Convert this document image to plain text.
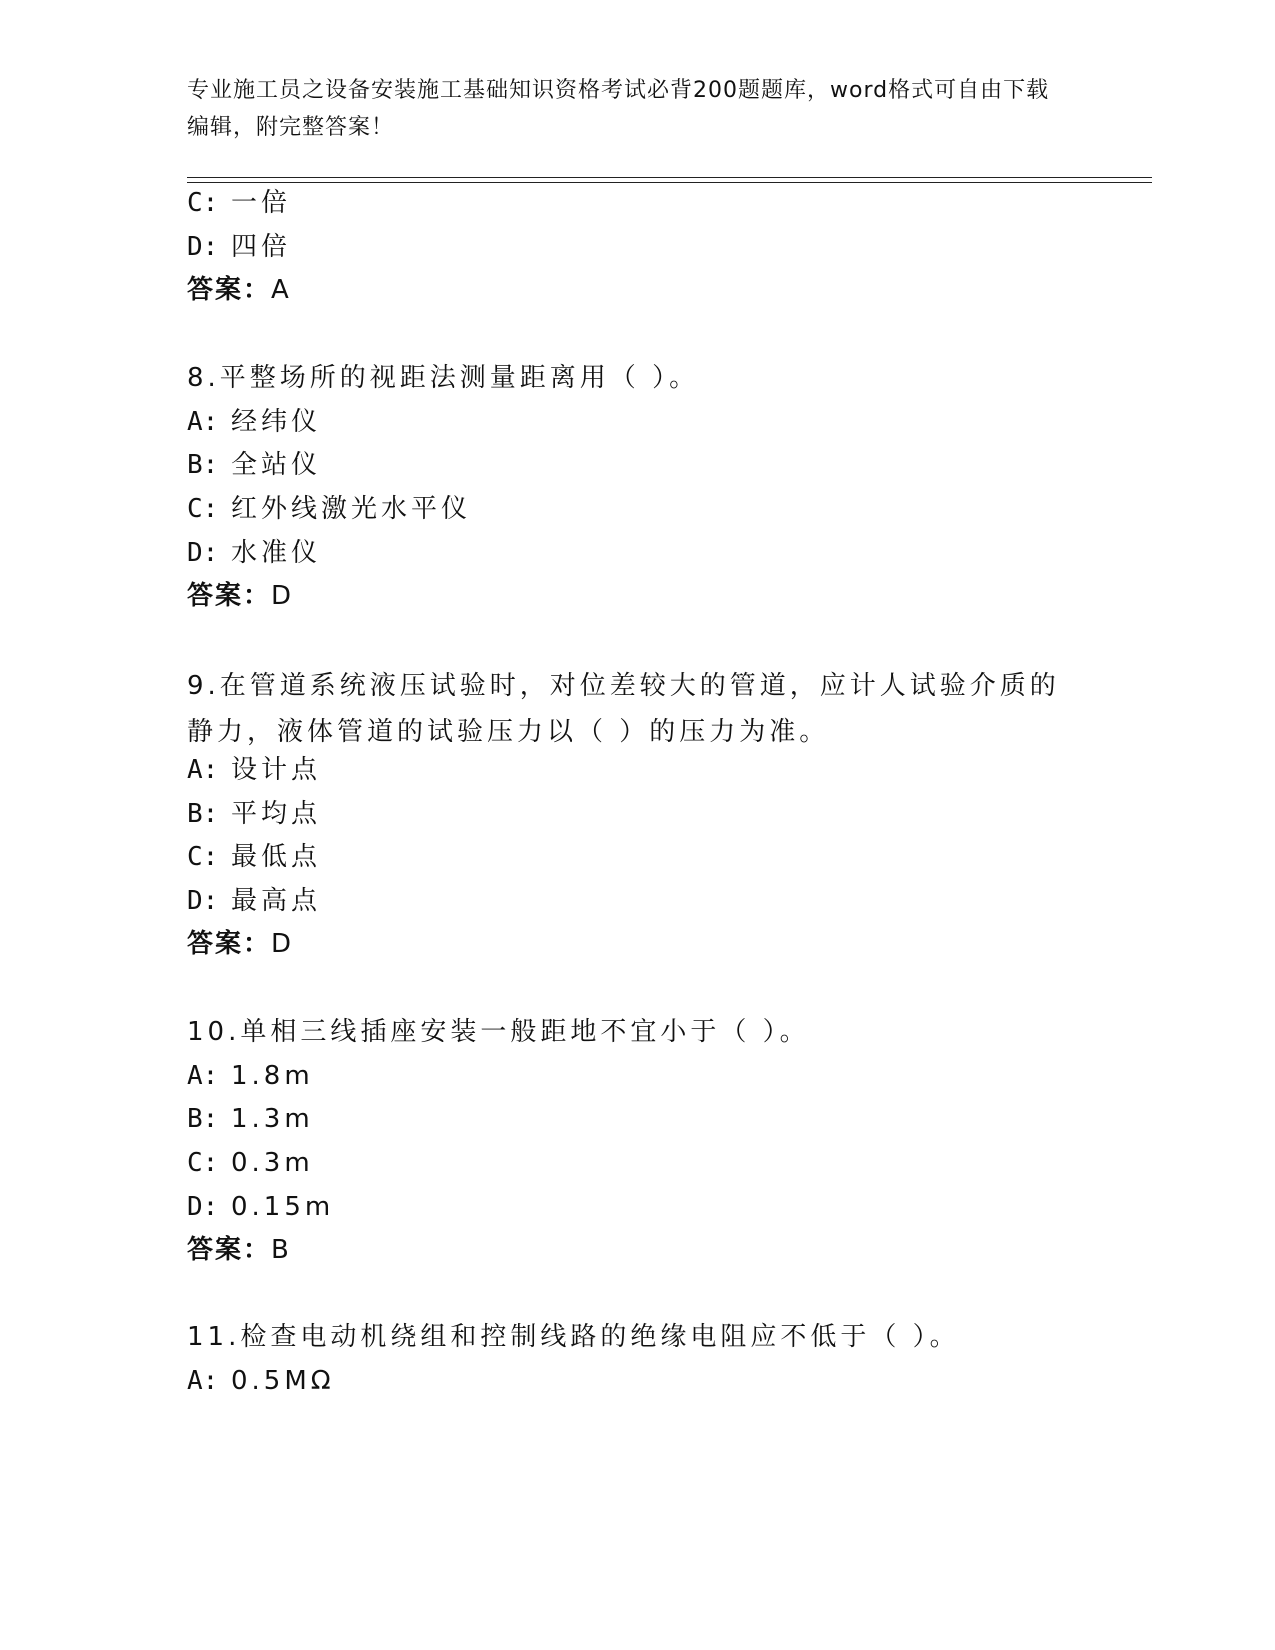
专业施工员之设备安装施工基础知识资格考试必背200题题库，word格式可自由下载编辑，附完整答案！
C: 一倍
D: 四倍
答案：A
8.平整场所的视距法测量距离用（ ）。
A: 经纬仪
B: 全站仪
C: 红外线激光水平仪
D: 水准仪
答案：D
9.在管道系统液压试验时，对位差较大的管道，应计人试验介质的静力，液体管道的试验压力以（ ）的压力为准。
A: 设计点
B: 平均点
C: 最低点
D: 最高点
答案：D
10.单相三线插座安装一般距地不宜小于（ ）。
A: 1.8m
B: 1.3m
C: 0.3m
D: 0.15m
答案：B
11.检查电动机绕组和控制线路的绝缘电阻应不低于（ ）。
A: 0.5MΩ
